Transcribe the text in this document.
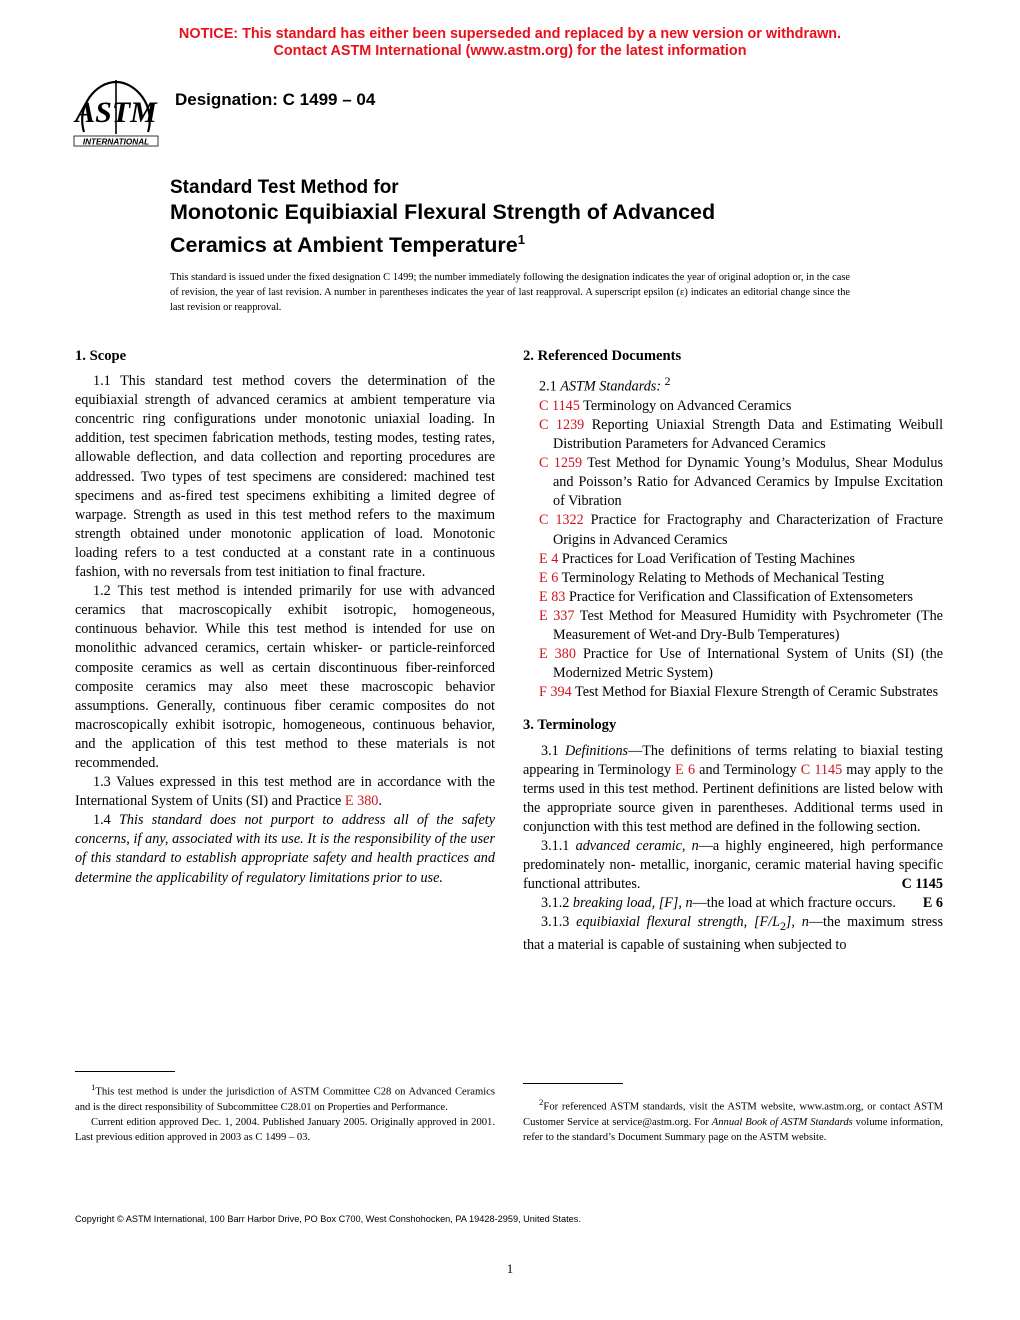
NOTICE: This standard has either been superseded and replaced by a new version or withdrawn.
Contact ASTM International (www.astm.org) for the latest information
ASTM
INTERNATIONAL
Designation: C 1499 – 04
Standard Test Method for
Monotonic Equibiaxial Flexural Strength of Advanced
Ceramics at Ambient Temperature$^1$
This standard is issued under the fixed designation C 1499; the number immediately following the designation indicates the year of original adoption or, in the case of revision, the year of last revision. A number in parentheses indicates the year of last reapproval. A superscript epsilon (ε) indicates an editorial change since the last revision or reapproval.
1. Scope

1.1 This standard test method covers the determination of the equibiaxial strength of advanced ceramics at ambient temperature via concentric ring configurations under monotonic uniaxial loading. In addition, test specimen fabrication methods, testing modes, testing rates, allowable deflection, and data collection and reporting procedures are addressed. Two types of test specimens are considered: machined test specimens and as-fired test specimens exhibiting a limited degree of warpage. Strength as used in this test method refers to the maximum strength obtained under monotonic application of load. Monotonic loading refers to a test conducted at a constant rate in a continuous fashion, with no reversals from test initiation to final fracture.

1.2 This test method is intended primarily for use with advanced ceramics that macroscopically exhibit isotropic, homogeneous, continuous behavior. While this test method is intended for use on monolithic advanced ceramics, certain whisker- or particle-reinforced composite ceramics as well as certain discontinuous fiber-reinforced composite ceramics may also meet these macroscopic behavior assumptions. Generally, continuous fiber ceramic composites do not macroscopically exhibit isotropic, homogeneous, continuous behavior, and the application of this test method to these materials is not recommended.

1.3 Values expressed in this test method are in accordance with the International System of Units (SI) and Practice E 380.

1.4 This standard does not purport to address all of the safety concerns, if any, associated with its use. It is the responsibility of the user of this standard to establish appropriate safety and health practices and determine the applicability of regulatory limitations prior to use.

2. Referenced Documents

2.1 ASTM Standards: $^2$

C 1145 Terminology on Advanced Ceramics

C 1239 Reporting Uniaxial Strength Data and Estimating Weibull Distribution Parameters for Advanced Ceramics

C 1259 Test Method for Dynamic Young’s Modulus, Shear Modulus and Poisson’s Ratio for Advanced Ceramics by Impulse Excitation of Vibration

C 1322 Practice for Fractography and Characterization of Fracture Origins in Advanced Ceramics

E 4 Practices for Load Verification of Testing Machines

E 6 Terminology Relating to Methods of Mechanical Testing

E 83 Practice for Verification and Classification of Extensometers

E 337 Test Method for Measured Humidity with Psychrometer (The Measurement of Wet-and Dry-Bulb Temperatures)

E 380 Practice for Use of International System of Units (SI) (the Modernized Metric System)

F 394 Test Method for Biaxial Flexure Strength of Ceramic Substrates

3. Terminology

3.1 Definitions—The definitions of terms relating to biaxial testing appearing in Terminology E 6 and Terminology C 1145 may apply to the terms used in this test method. Pertinent definitions are listed below with the appropriate source given in parentheses. Additional terms used in conjunction with this test method are defined in the following section.

3.1.1 advanced ceramic, n—a highly engineered, high performance predominately non- metallic, inorganic, ceramic material having specific functional attributes.	C 1145

3.1.2 breaking load, [F], n—the load at which fracture occurs.	E 6

3.1.3 equibiaxial flexural strength, $[F/L_2]$, n—the maximum stress that a material is capable of sustaining when subjected to

$^1$This test method is under the jurisdiction of ASTM Committee C28 on Advanced Ceramics and is the direct responsibility of Subcommittee C28.01 on Properties and Performance.

Current edition approved Dec. 1, 2004. Published January 2005. Originally approved in 2001. Last previous edition approved in 2003 as C 1499 – 03.

$^2$For referenced ASTM standards, visit the ASTM website, www.astm.org, or contact ASTM Customer Service at service@astm.org. For Annual Book of ASTM Standards volume information, refer to the standard’s Document Summary page on the ASTM website.

Copyright © ASTM International, 100 Barr Harbor Drive, PO Box C700, West Conshohocken, PA 19428-2959, United States.
1
